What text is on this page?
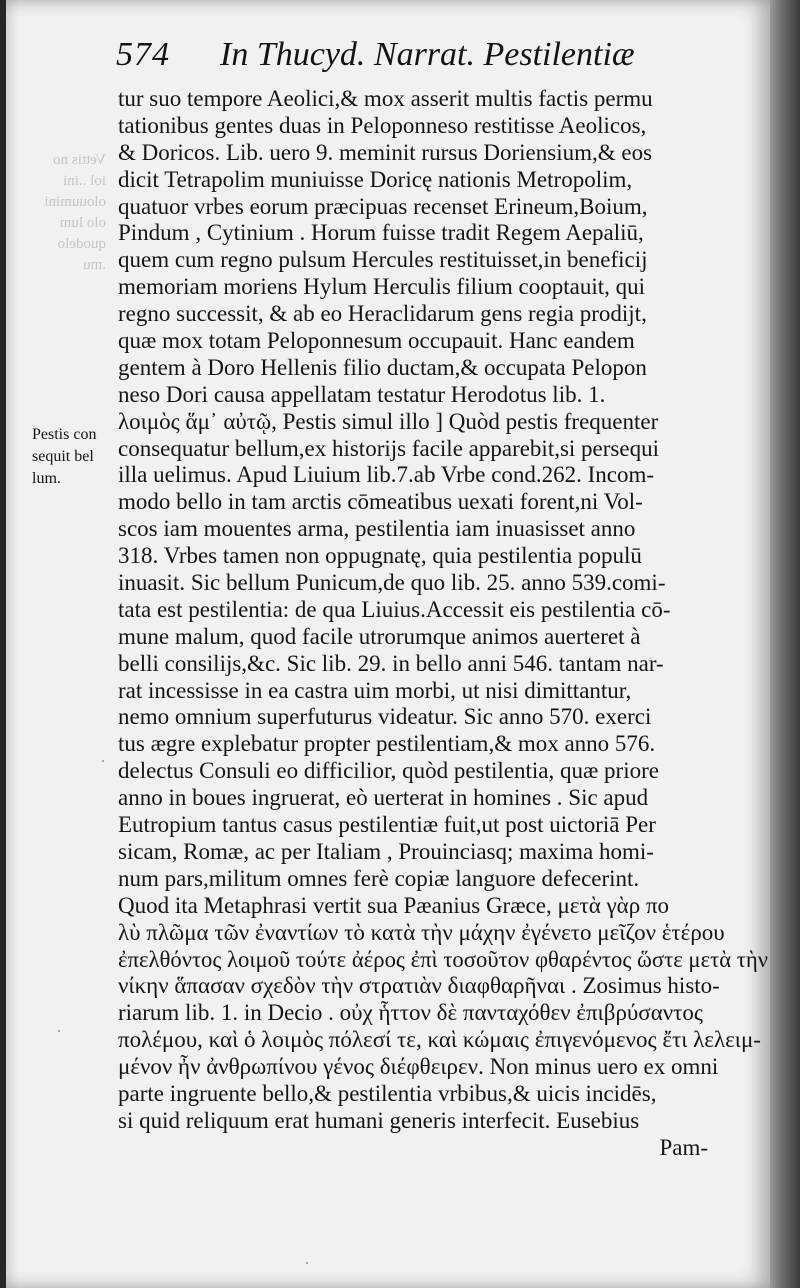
574 In Thucyd. Narrat. Pestilentiæ
Vettis no
iol ..ini
olouumini
olo lum
quodelo
.mu
Pestis con
sequit bel
lum.
tur suo tempore Aeolici,& mox asserit multis factis permu
tationibus gentes duas in Peloponneso restitisse Aeolicos,
& Doricos. Lib. uero 9. meminit rursus Doriensium,& eos
dicit Tetrapolim muniuisse Doricę nationis Metropolim,
quatuor vrbes eorum præcipuas recenset Erineum,Boium,
Pindum , Cytinium . Horum fuisse tradit Regem Aepaliū,
quem cum regno pulsum Hercules restituisset,in beneficij
memoriam moriens Hylum Herculis filium cooptauit, qui
regno successit, & ab eo Heraclidarum gens regia prodijt,
quæ mox totam Peloponnesum occupauit. Hanc eandem
gentem à Doro Hellenis filio ductam,& occupata Pelopon
neso Dori causa appellatam testatur Herodotus lib. 1.
λοιμὸς ἅμ᾽ αὐτῷ, Pestis simul illo ] Quòd pestis frequenter
consequatur bellum,ex historijs facile apparebit,si persequi
illa uelimus. Apud Liuium lib.7.ab Vrbe cond.262. Incom-
modo bello in tam arctis cōmeatibus uexati forent,ni Vol-
scos iam mouentes arma, pestilentia iam inuasisset anno
318. Vrbes tamen non oppugnatę, quia pestilentia populū
inuasit. Sic bellum Punicum,de quo lib. 25. anno 539.comi-
tata est pestilentia: de qua Liuius.Accessit eis pestilentia cō-
mune malum, quod facile utrorumque animos auerteret à
belli consilijs,&c. Sic lib. 29. in bello anni 546. tantam nar-
rat incessisse in ea castra uim morbi, ut nisi dimittantur,
nemo omnium superfuturus videatur. Sic anno 570. exerci
tus ægre explebatur propter pestilentiam,& mox anno 576.
delectus Consuli eo difficilior, quòd pestilentia, quæ priore
anno in boues ingruerat, eò uerterat in homines . Sic apud
Eutropium tantus casus pestilentiæ fuit,ut post uictoriā Per
sicam, Romæ, ac per Italiam , Prouinciasq; maxima homi-
num pars,militum omnes ferè copiæ languore defecerint.
Quod ita Metaphrasi vertit sua Pæanius Græce, μετὰ γὰρ πο
λὺ πλῶμα τῶν ἐναντίων τὸ κατὰ τὴν μάχην ἐγένετο μεῖζον ἑτέρου
ἐπελθόντος λοιμοῦ τούτε ἀέρος ἐπὶ τοσοῦτον φθαρέντος ὥστε μετὰ τὴν
νίκην ἅπασαν σχεδὸν τὴν στρατιὰν διαφθαρῆναι . Zosimus histo-
riarum lib. 1. in Decio . οὐχ ἧττον δὲ πανταχόθεν ἐπιβρύσαντος
πολέμου, καὶ ὁ λοιμὸς πόλεσί τε, καὶ κώμαις ἐπιγενόμενος ἔτι λελειμ-
μένον ἦν ἀνθρωπίνου γένος διέφθειρεν. Non minus uero ex omni
parte ingruente bello,& pestilentia vrbibus,& uicis incidēs,
si quid reliquum erat humani generis interfecit. Eusebius
Pam-
